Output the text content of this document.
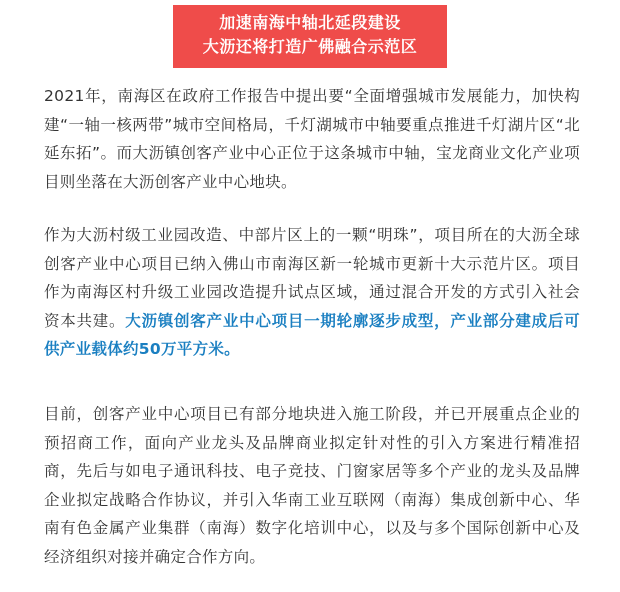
加速南海中轴北延段建设
大沥还将打造广佛融合示范区

2021年，南海区在政府工作报告中提出要“全面增强城市发展能力，加快构建“一轴一核两带”城市空间格局，千灯湖城市中轴要重点推进千灯湖片区“北延东拓”。而大沥镇创客产业中心正位于这条城市中轴，宝龙商业文化产业项目则坐落在大沥创客产业中心地块。

作为大沥村级工业园改造、中部片区上的一颗“明珠”，项目所在的大沥全球创客产业中心项目已纳入佛山市南海区新一轮城市更新十大示范片区。项目作为南海区村升级工业园改造提升试点区域，通过混合开发的方式引入社会资本共建。大沥镇创客产业中心项目一期轮廓逐步成型，产业部分建成后可供产业载体约50万平方米。

目前，创客产业中心项目已有部分地块进入施工阶段，并已开展重点企业的预招商工作，面向产业龙头及品牌商业拟定针对性的引入方案进行精准招商，先后与如电子通讯科技、电子竞技、门窗家居等多个产业的龙头及品牌企业拟定战略合作协议，并引入华南工业互联网（南海）集成创新中心、华南有色金属产业集群（南海）数字化培训中心，以及与多个国际创新中心及经济组织对接并确定合作方向。
